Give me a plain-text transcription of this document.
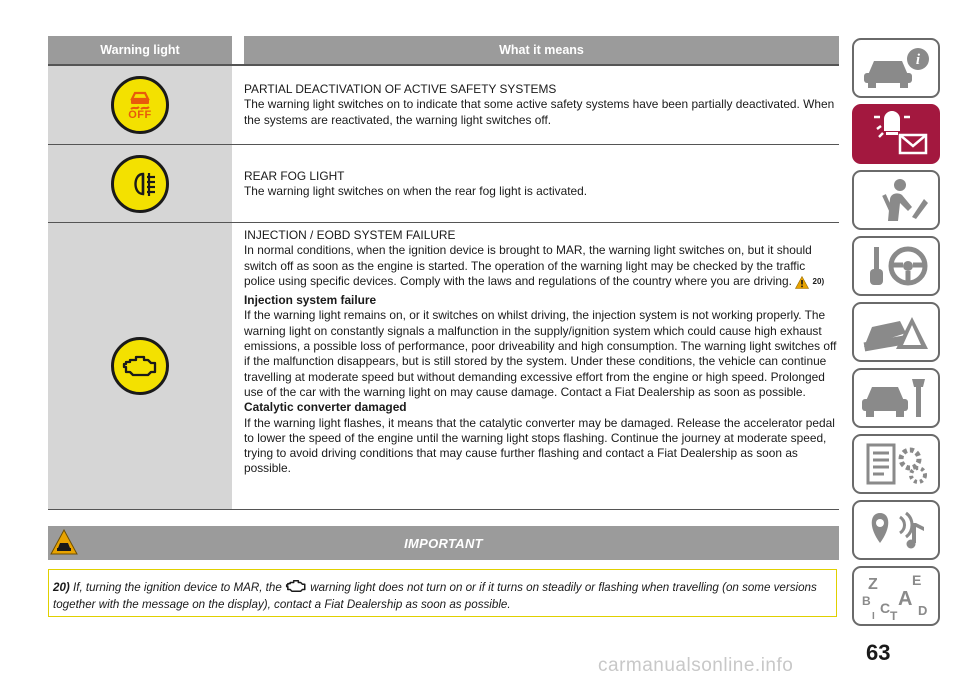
Warning light	What it means
OFF
PARTIAL DEACTIVATION OF ACTIVE SAFETY SYSTEMS
The warning light switches on to indicate that some active safety systems have been partially deactivated. When the systems are reactivated, the warning light switches off.
REAR FOG LIGHT
The warning light switches on when the rear fog light is activated.
INJECTION / EOBD SYSTEM FAILURE
In normal conditions, when the ignition device is brought to MAR, the warning light switches on, but it should switch off as soon as the engine is started. The operation of the warning light may be checked by the traffic police using specific devices. Comply with the laws and regulations of the country where you are driving.	20)
Injection system failure
If the warning light remains on, or it switches on whilst driving, the injection system is not working properly. The warning light on constantly signals a malfunction in the supply/ignition system which could cause high exhaust emissions, a possible loss of performance, poor driveability and high consumption. The warning light switches off if the malfunction disappears, but is still stored by the system. Under these conditions, the vehicle can continue travelling at moderate speed but without demanding excessive effort from the engine or high speed. Prolonged use of the car with the warning light on may cause damage. Contact a Fiat Dealership as soon as possible.
Catalytic converter damaged
If the warning light flashes, it means that the catalytic converter may be damaged. Release the accelerator pedal to lower the speed of the engine until the warning light stops flashing. Continue the journey at moderate speed, trying to avoid driving conditions that may cause further flashing and contact a Fiat Dealership as soon as possible.
IMPORTANT
20) If, turning the ignition device to MAR, the warning light does not turn on or if it turns on steadily or flashing when travelling (on some versions together with the message on the display), contact a Fiat Dealership as soon as possible.
i
Z E
A
B C D
T
I
63
carmanualsonline.info
